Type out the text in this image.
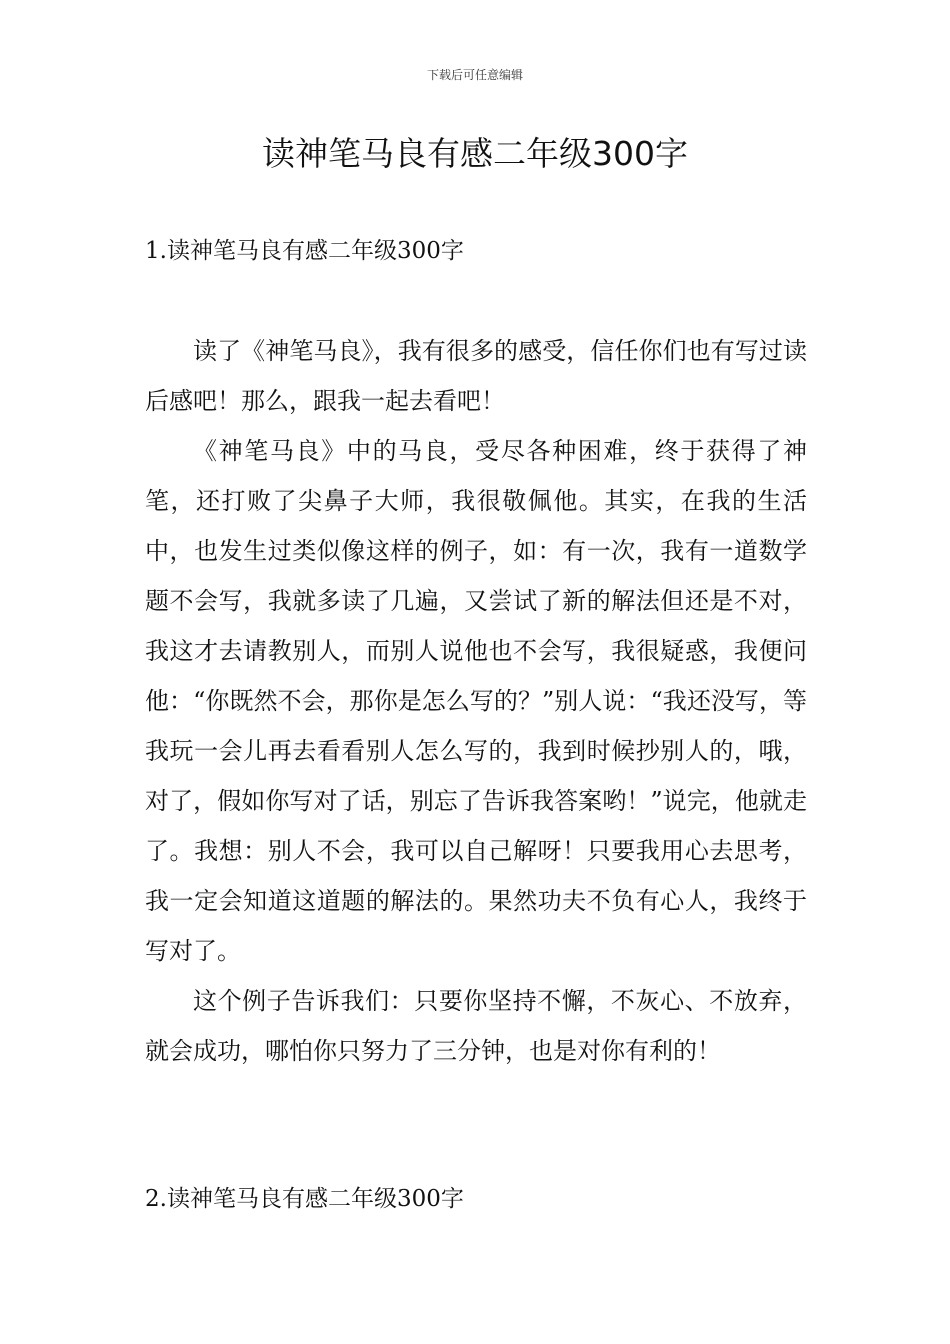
下载后可任意编辑
读神笔马良有感二年级300字
1.读神笔马良有感二年级300字

读了《神笔马良》，我有很多的感受，信任你们也有写过读后感吧！那么，跟我一起去看吧！

《神笔马良》中的马良，受尽各种困难，终于获得了神笔，还打败了尖鼻子大师，我很敬佩他。其实，在我的生活中，也发生过类似像这样的例子，如：有一次，我有一道数学题不会写，我就多读了几遍，又尝试了新的解法但还是不对，我这才去请教别人，而别人说他也不会写，我很疑惑，我便问他：“你既然不会，那你是怎么写的？”别人说：“我还没写，等我玩一会儿再去看看别人怎么写的，我到时候抄别人的，哦，对了，假如你写对了话，别忘了告诉我答案哟！”说完，他就走了。我想：别人不会，我可以自己解呀！只要我用心去思考，我一定会知道这道题的解法的。果然功夫不负有心人，我终于写对了。

这个例子告诉我们：只要你坚持不懈，不灰心、不放弃，就会成功，哪怕你只努力了三分钟，也是对你有利的！

2.读神笔马良有感二年级300字
